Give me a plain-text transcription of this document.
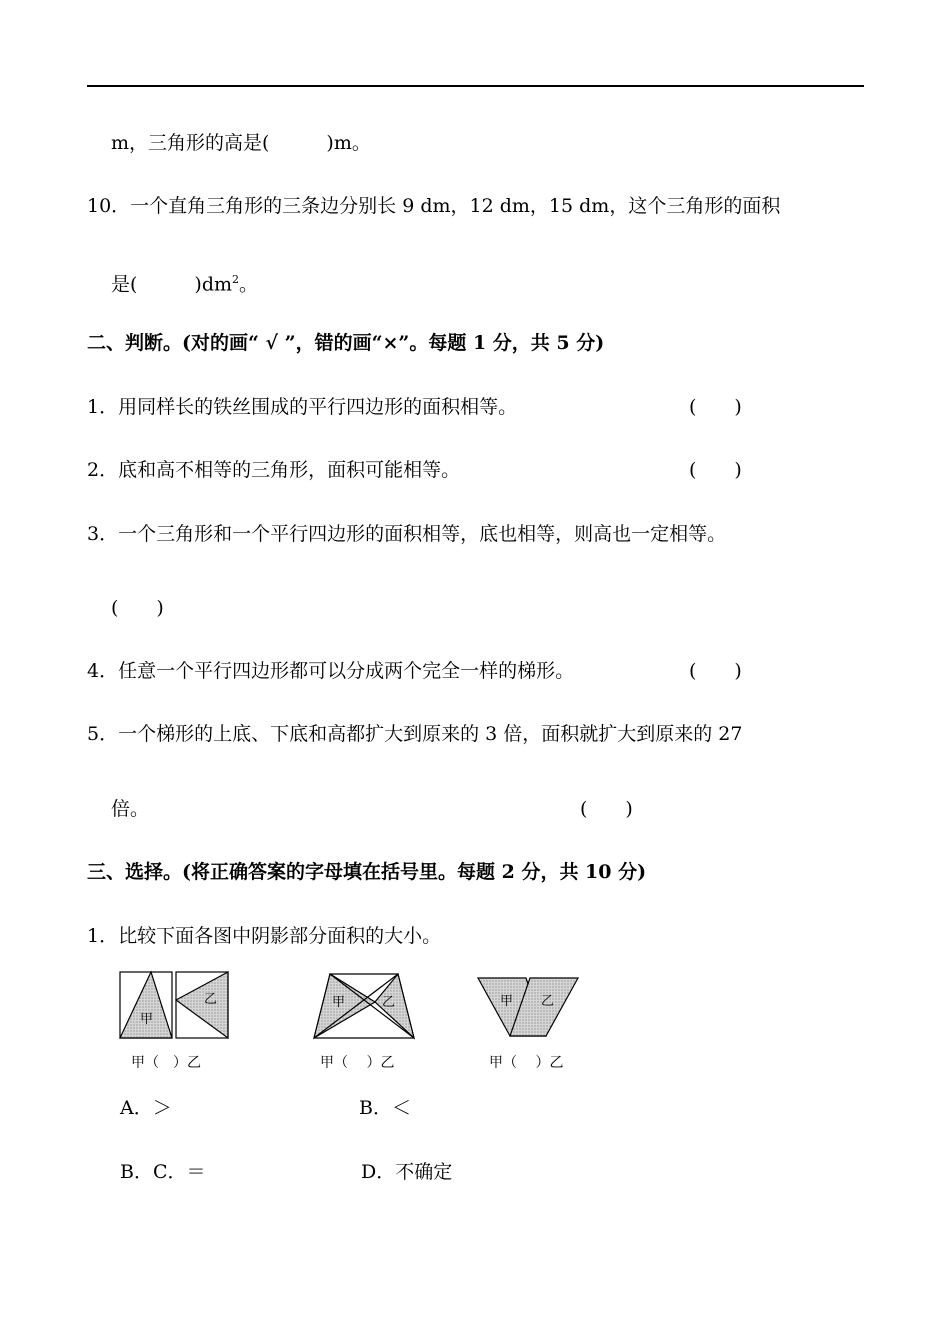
m，三角形的高是(　　　)m。
10．一个直角三角形的三条边分别长 9 dm，12 dm，15 dm，这个三角形的面积
是(　　　)$dm^2$。
二、判断。(对的画“ √ ”，错的画“×”。每题 1 分，共 5 分)
1．用同样长的铁丝围成的平行四边形的面积相等。	(　　)
2．底和高不相等的三角形，面积可能相等。	(　　)
3．一个三角形和一个平行四边形的面积相等，底也相等，则高也一定相等。
(　　)
4．任意一个平行四边形都可以分成两个完全一样的梯形。	(　　)
5．一个梯形的上底、下底和高都扩大到原来的 3 倍，面积就扩大到原来的 27
倍。	(　　)
三、选择。(将正确答案的字母填在括号里。每题 2 分，共 10 分)
1．比较下面各图中阴影部分面积的大小。
甲
乙
甲（　）乙
甲	乙
甲（　 ）乙
甲 乙
甲（　 ）乙
A．＞	B．＜
B．C．＝	D．不确定
